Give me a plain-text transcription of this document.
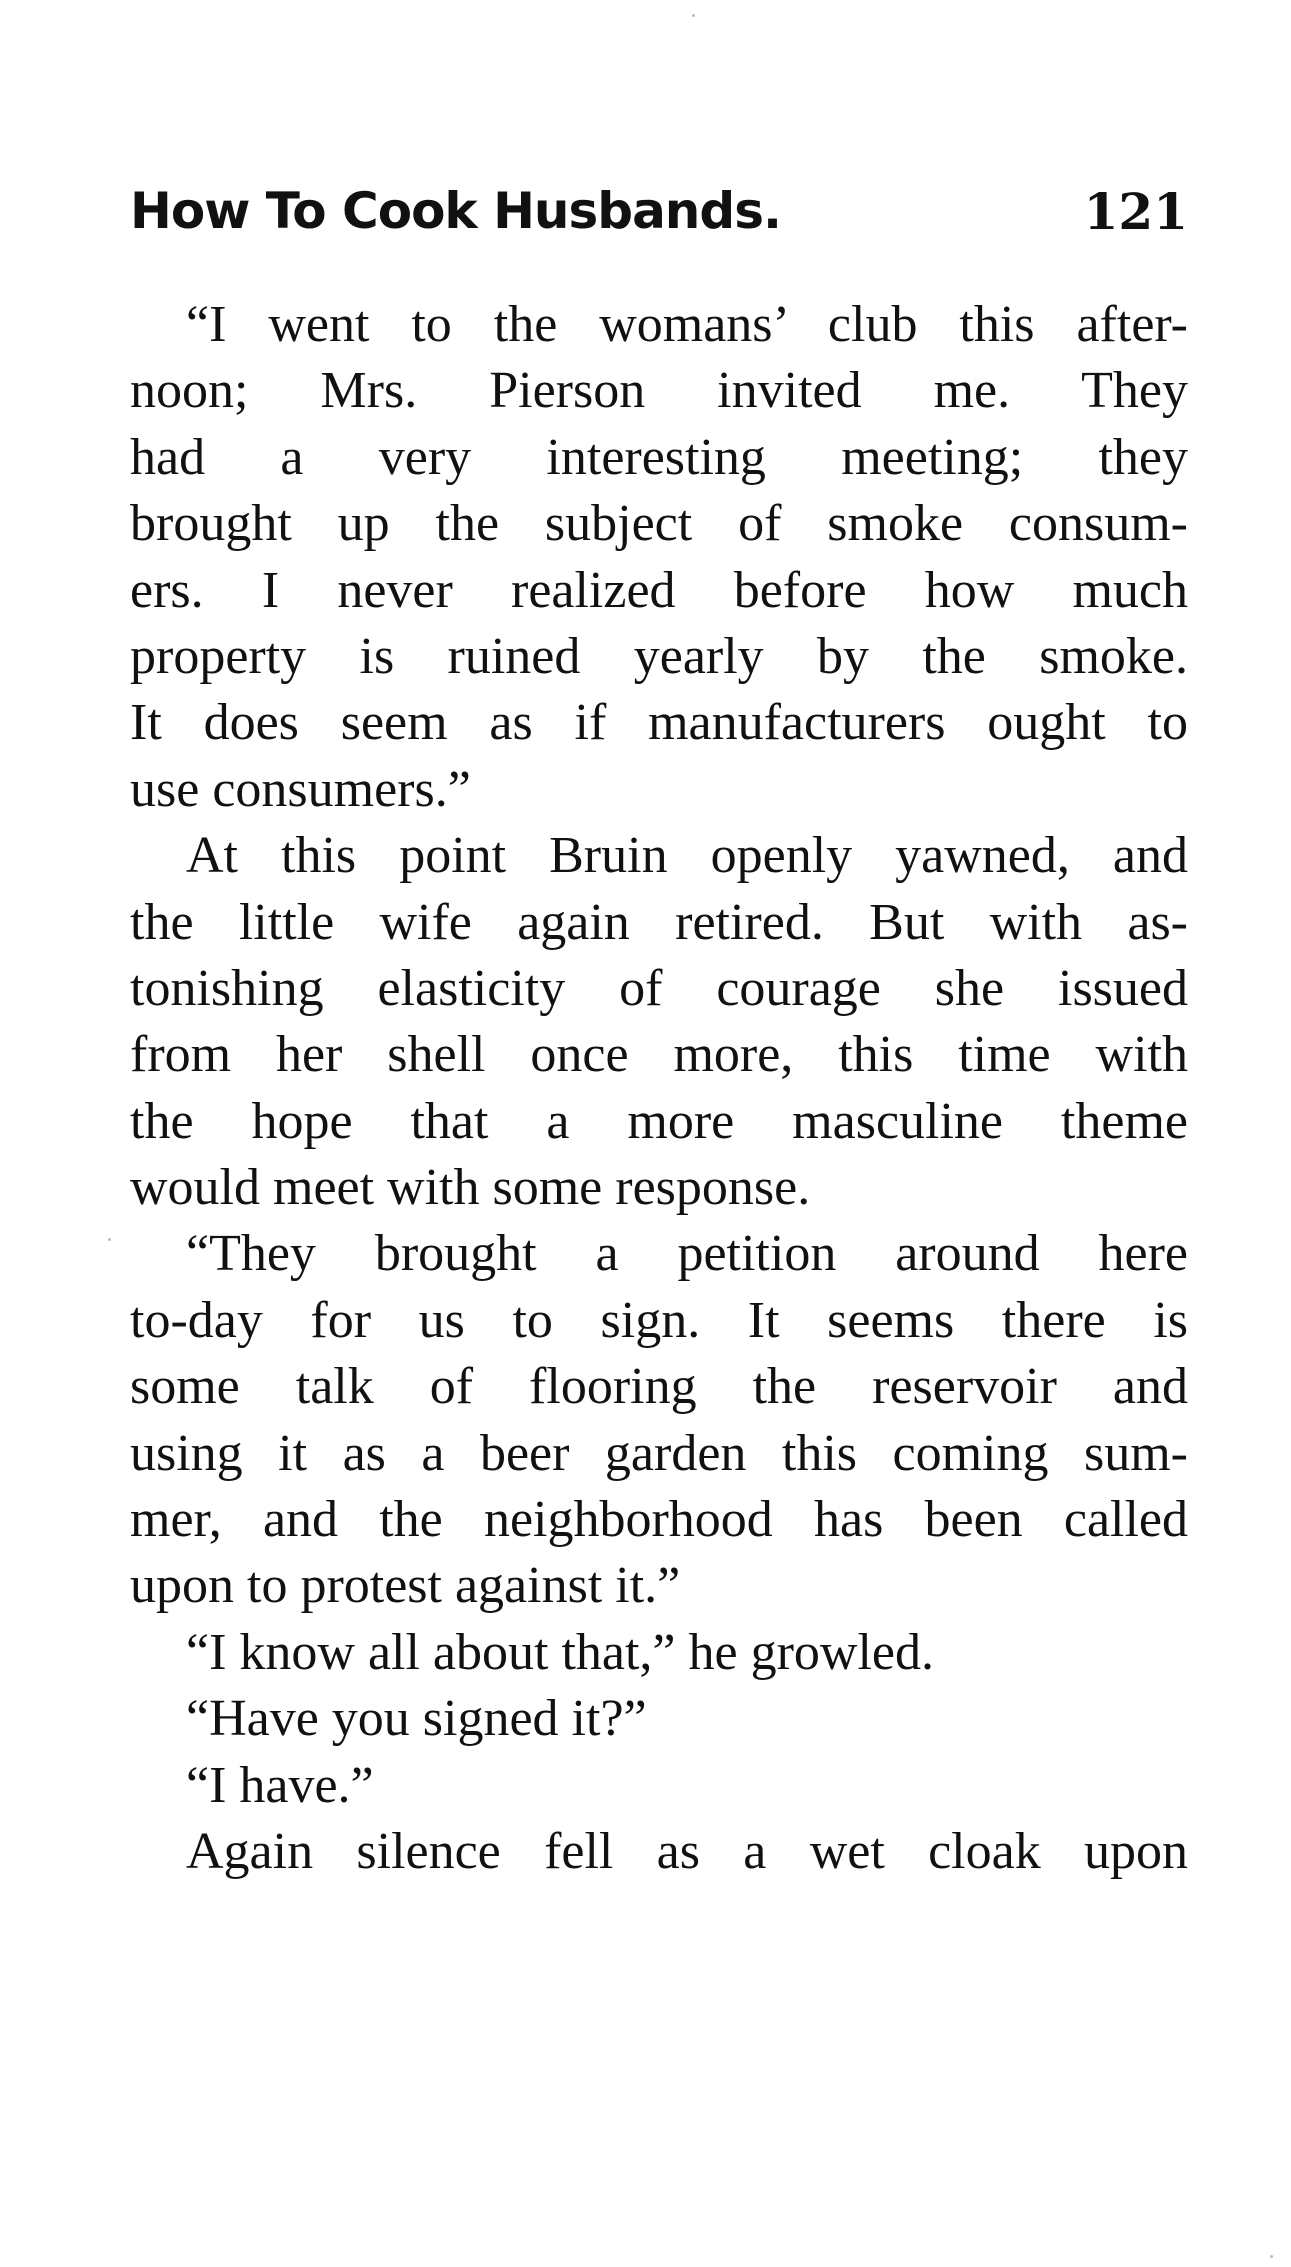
How To Cook Husbands.	121
“I went to the womans’ club this after-
noon; Mrs. Pierson invited me. They
had a very interesting meeting; they
brought up the subject of smoke consum-
ers. I never realized before how much
property is ruined yearly by the smoke.
It does seem as if manufacturers ought to
use consumers.”
At this point Bruin openly yawned, and
the little wife again retired. But with as-
tonishing elasticity of courage she issued
from her shell once more, this time with
the hope that a more masculine theme
would meet with some response.
“They brought a petition around here
to-day for us to sign. It seems there is
some talk of flooring the reservoir and
using it as a beer garden this coming sum-
mer, and the neighborhood has been called
upon to protest against it.”
“I know all about that,” he growled.
“Have you signed it?”
“I have.”
Again silence fell as a wet cloak upon
